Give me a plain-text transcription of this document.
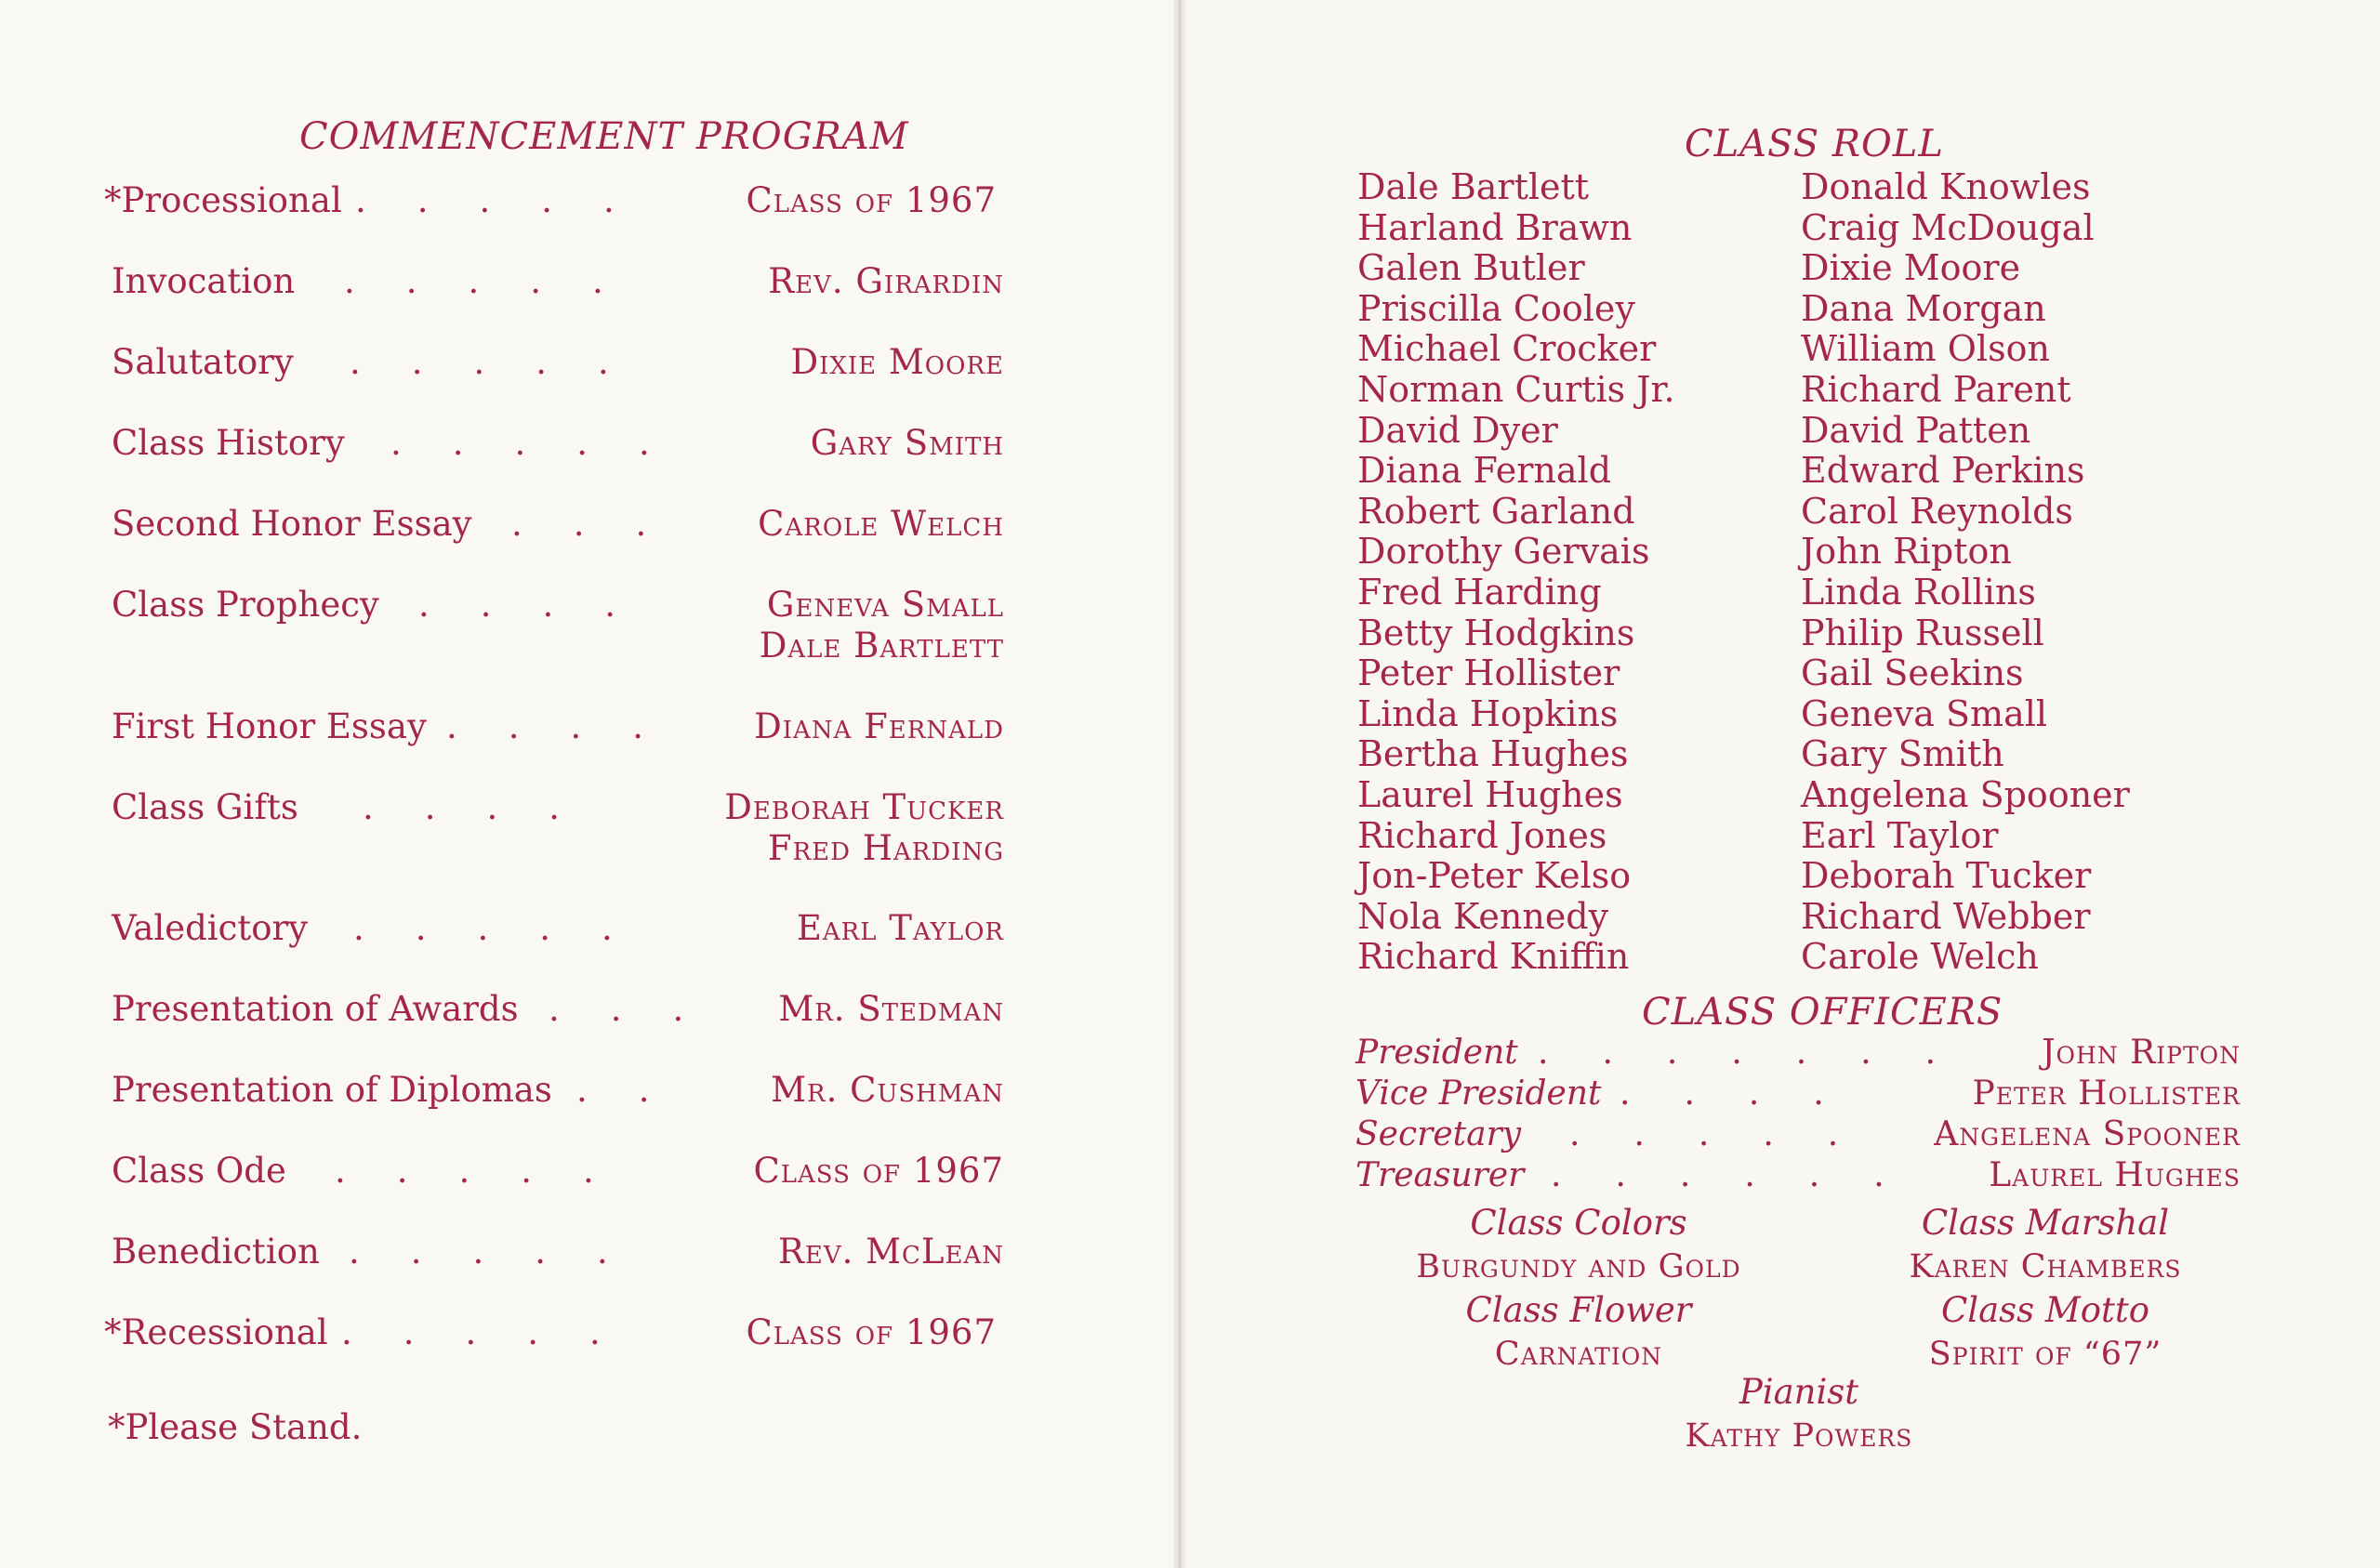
COMMENCEMENT PROGRAM
*Processional ..... Class of 1967
Invocation .....	Rev. Girardin
Salutatory .....	Dixie Moore
Class History .....	Gary Smith
Second Honor Essay ... Carole Welch
Class Prophecy ....	Geneva Small
Dale Bartlett
First Honor Essay .... Diana Fernald
Class Gifts ....	Deborah Tucker
Fred Harding
Valedictory .....	Earl Taylor
Presentation of Awards ... Mr. Stedman
Presentation of Diplomas .. Mr. Cushman
Class Ode .....	Class of 1967
Benediction .....	Rev. McLean
*Recessional .....	Class of 1967
*Please Stand.
CLASS ROLL
Dale Bartlett
Harland Brawn
Galen Butler
Priscilla Cooley
Michael Crocker
Norman Curtis Jr.
David Dyer
Diana Fernald
Robert Garland
Dorothy Gervais
Fred Harding
Betty Hodgkins
Peter Hollister
Linda Hopkins
Bertha Hughes
Laurel Hughes
Richard Jones
Jon-Peter Kelso
Nola Kennedy
Richard Kniffin
Donald Knowles
Craig McDougal
Dixie Moore
Dana Morgan
William Olson
Richard Parent
David Patten
Edward Perkins
Carol Reynolds
John Ripton
Linda Rollins
Philip Russell
Gail Seekins
Geneva Small
Gary Smith
Angelena Spooner
Earl Taylor
Deborah Tucker
Richard Webber
Carole Welch
CLASS OFFICERS
President ....... John Ripton
Vice President ....	Peter Hollister
Secretary ..... Angelena Spooner
Treasurer ...... Laurel Hughes
Class Colors
Burgundy and Gold
Class Marshal
Karen Chambers
Class Flower
Carnation
Class Motto
Spirit of “67”
Pianist
Kathy Powers
